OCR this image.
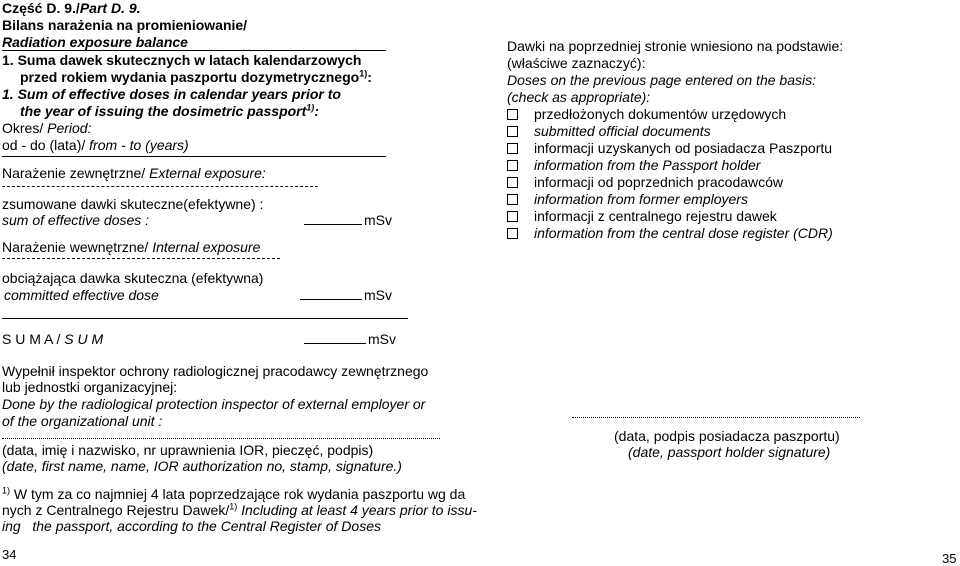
Część D. 9./Part D. 9.
Bilans narażenia na promieniowanie/
Radiation exposure balance
1. Suma dawek skutecznych w latach kalendarzowych
przed rokiem wydania paszportu dozymetrycznego$^{1)}$:
1. Sum of effective doses in calendar years prior to
the year of issuing the dosimetric passport$^{1)}$:
Okres/ Period:
od - do (lata)/ from - to (years)
Narażenie zewnętrzne/ External exposure:
zsumowane dawki skuteczne(efektywne) :
sum of effective doses :	mSv
Narażenie wewnętrzne/ Internal exposure
obciążająca dawka skuteczna (efektywna)
committed effective dose	mSv
S U M A / S U M	mSv
Wypełnił inspektor ochrony radiologicznej pracodawcy zewnętrznego
lub jednostki organizacyjnej:
Done by the radiological protection inspector of external employer or
of the organizational unit :
(data, imię i nazwisko, nr uprawnienia IOR, pieczęć, podpis)
(date, first name, name, IOR authorization no, stamp, signature.)
$^{1)}$ W tym za co najmniej 4 lata poprzedzające rok wydania paszportu wg da
nych z Centralnego Rejestru Dawek/$^{1)}$ Including at least 4 years prior to issu-
ing the passport, according to the Central Register of Doses
34
Dawki na poprzedniej stronie wniesiono na podstawie:
(właściwe zaznaczyć):
Doses on the previous page entered on the basis:
(check as appropriate):
przedłożonych dokumentów urzędowych
submitted official documents
informacji uzyskanych od posiadacza Paszportu
information from the Passport holder
informacji od poprzednich pracodawców
information from former employers
informacji z centralnego rejestru dawek
information from the central dose register (CDR)
(data, podpis posiadacza paszportu)
(date, passport holder signature)
35
